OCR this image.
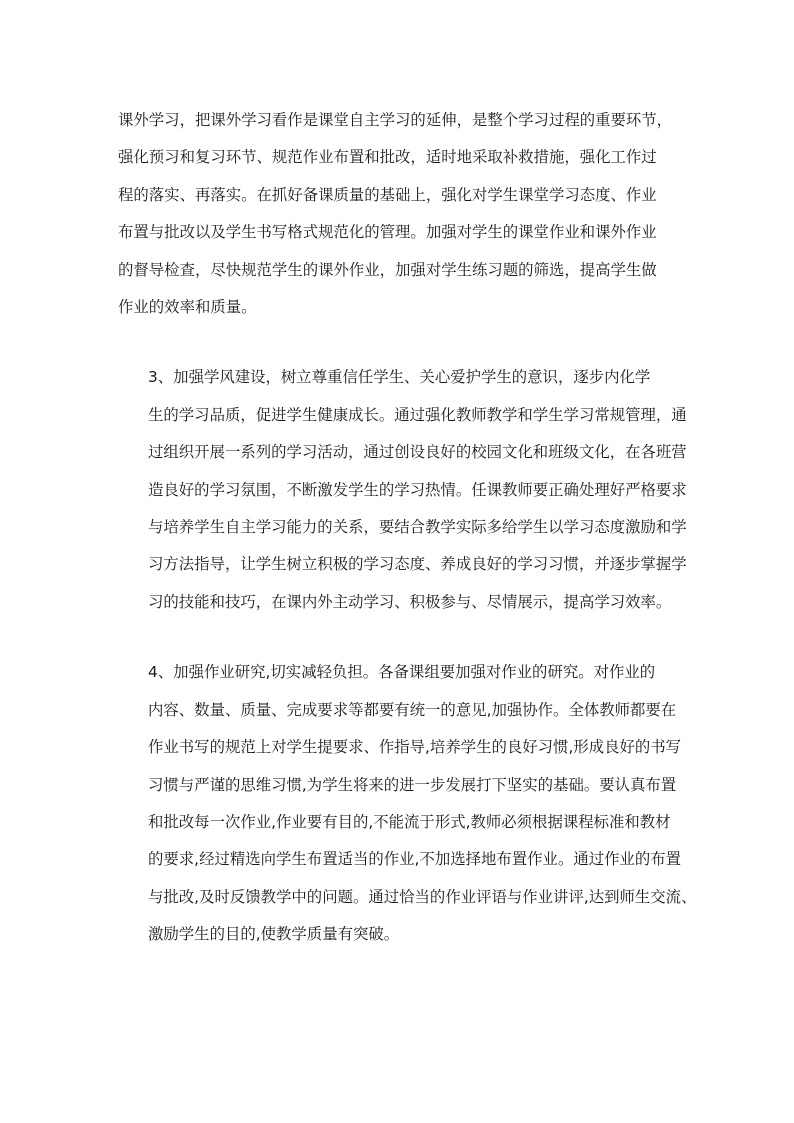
课外学习，把课外学习看作是课堂自主学习的延伸，是整个学习过程的重要环节，
强化预习和复习环节、规范作业布置和批改，适时地采取补救措施，强化工作过
程的落实、再落实。在抓好备课质量的基础上，强化对学生课堂学习态度、作业
布置与批改以及学生书写格式规范化的管理。加强对学生的课堂作业和课外作业
的督导检查，尽快规范学生的课外作业，加强对学生练习题的筛选，提高学生做
作业的效率和质量。

3、加强学风建设，树立尊重信任学生、关心爱护学生的意识，逐步内化学
生的学习品质，促进学生健康成长。通过强化教师教学和学生学习常规管理，通
过组织开展一系列的学习活动，通过创设良好的校园文化和班级文化，在各班营
造良好的学习氛围，不断激发学生的学习热情。任课教师要正确处理好严格要求
与培养学生自主学习能力的关系，要结合教学实际多给学生以学习态度激励和学
习方法指导，让学生树立积极的学习态度、养成良好的学习习惯，并逐步掌握学
习的技能和技巧，在课内外主动学习、积极参与、尽情展示，提高学习效率。

4、加强作业研究,切实减轻负担。各备课组要加强对作业的研究。对作业的
内容、数量、质量、完成要求等都要有统一的意见,加强协作。全体教师都要在
作业书写的规范上对学生提要求、作指导,培养学生的良好习惯,形成良好的书写
习惯与严谨的思维习惯,为学生将来的进一步发展打下坚实的基础。要认真布置
和批改每一次作业,作业要有目的,不能流于形式,教师必须根据课程标准和教材
的要求,经过精选向学生布置适当的作业,不加选择地布置作业。通过作业的布置
与批改,及时反馈教学中的问题。通过恰当的作业评语与作业讲评,达到师生交流、
激励学生的目的,使教学质量有突破。
